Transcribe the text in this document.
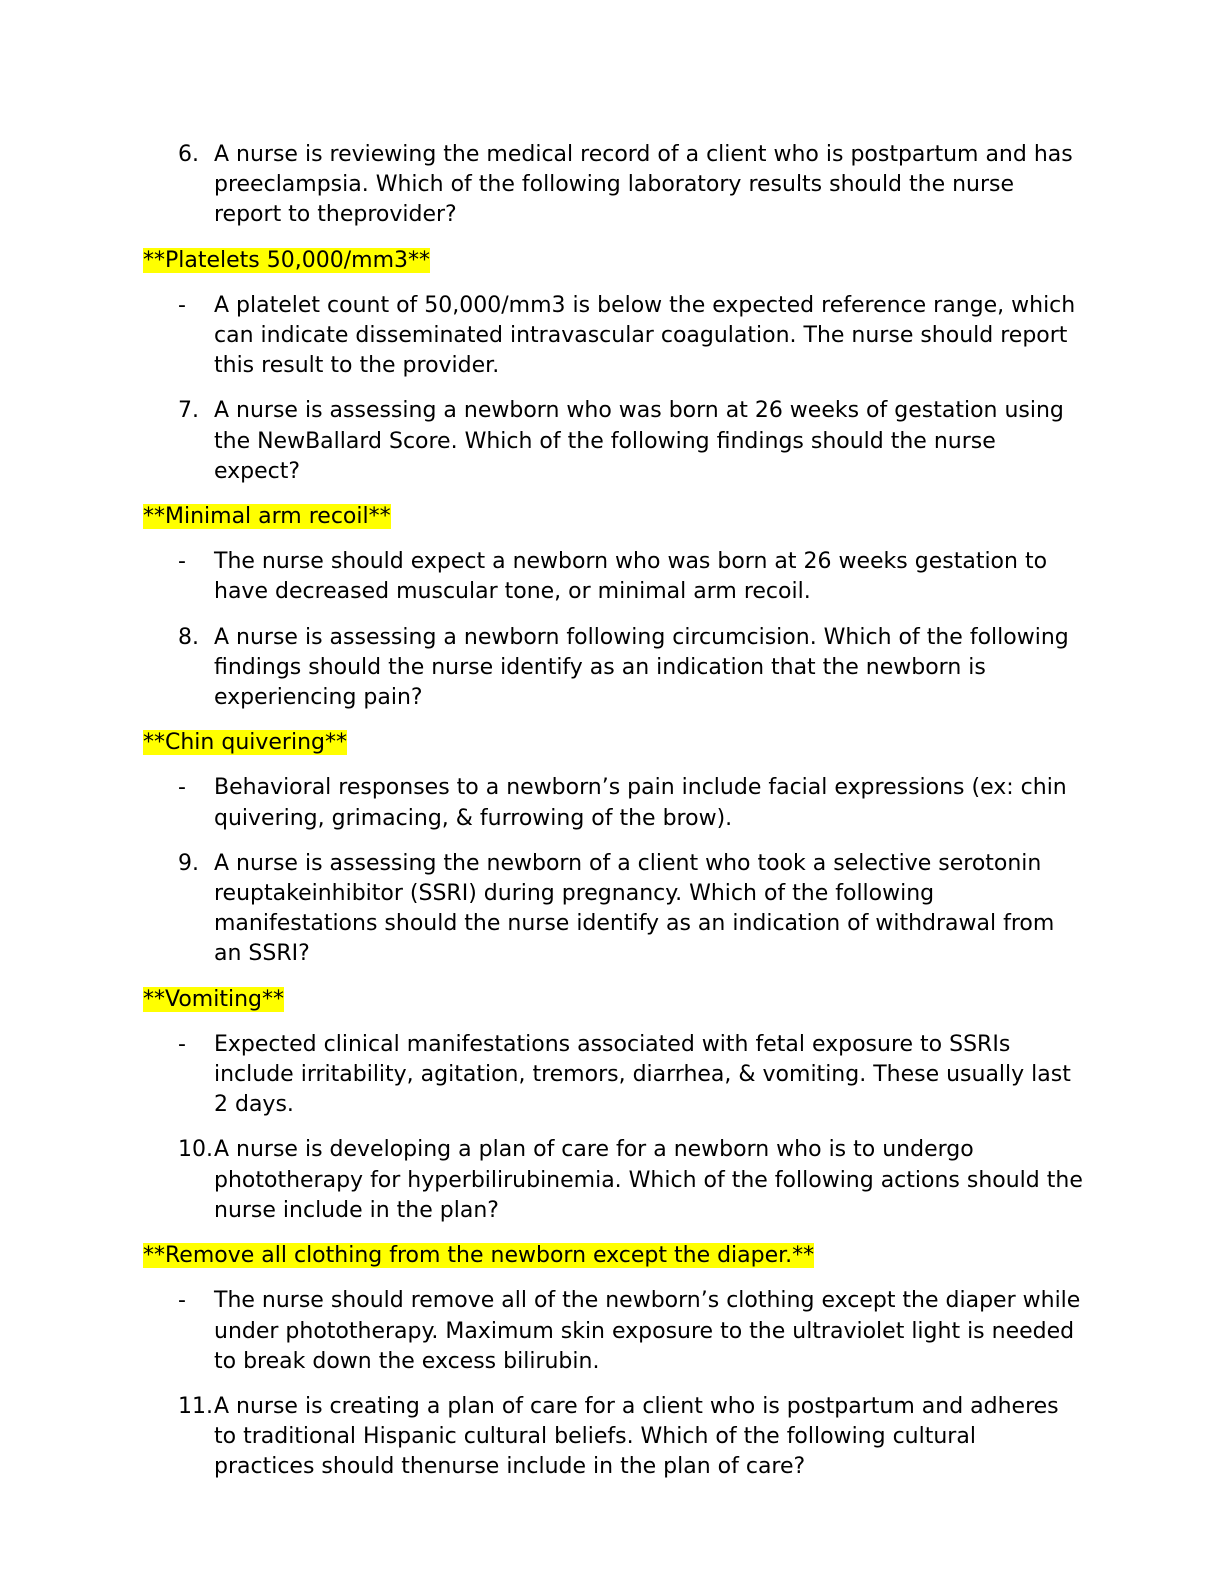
6. A nurse is reviewing the medical record of a client who is postpartum and has preeclampsia. Which of the following laboratory results should the nurse report to theprovider?

**Platelets 50,000/mm3**

-	A platelet count of 50,000/mm3 is below the expected reference range, which can indicate disseminated intravascular coagulation. The nurse should report this result to the provider.
7. A nurse is assessing a newborn who was born at 26 weeks of gestation using the NewBallard Score. Which of the following findings should the nurse expect?

**Minimal arm recoil**

-	The nurse should expect a newborn who was born at 26 weeks gestation to have decreased muscular tone, or minimal arm recoil.
8. A nurse is assessing a newborn following circumcision. Which of the following findings should the nurse identify as an indication that the newborn is experiencing pain?

**Chin quivering**

-	Behavioral responses to a newborn’s pain include facial expressions (ex: chin quivering, grimacing, & furrowing of the brow).
9. A nurse is assessing the newborn of a client who took a selective serotonin reuptakeinhibitor (SSRI) during pregnancy. Which of the following manifestations should the nurse identify as an indication of withdrawal from an SSRI?

**Vomiting**

-	Expected clinical manifestations associated with fetal exposure to SSRIs include irritability, agitation, tremors, diarrhea, & vomiting. These usually last 2 days.
10. A nurse is developing a plan of care for a newborn who is to undergo phototherapy for hyperbilirubinemia. Which of the following actions should the nurse include in the plan?

**Remove all clothing from the newborn except the diaper.**

-	The nurse should remove all of the newborn’s clothing except the diaper while under phototherapy. Maximum skin exposure to the ultraviolet light is needed to break down the excess bilirubin.
11. A nurse is creating a plan of care for a client who is postpartum and adheres to traditional Hispanic cultural beliefs. Which of the following cultural practices should thenurse include in the plan of care?
